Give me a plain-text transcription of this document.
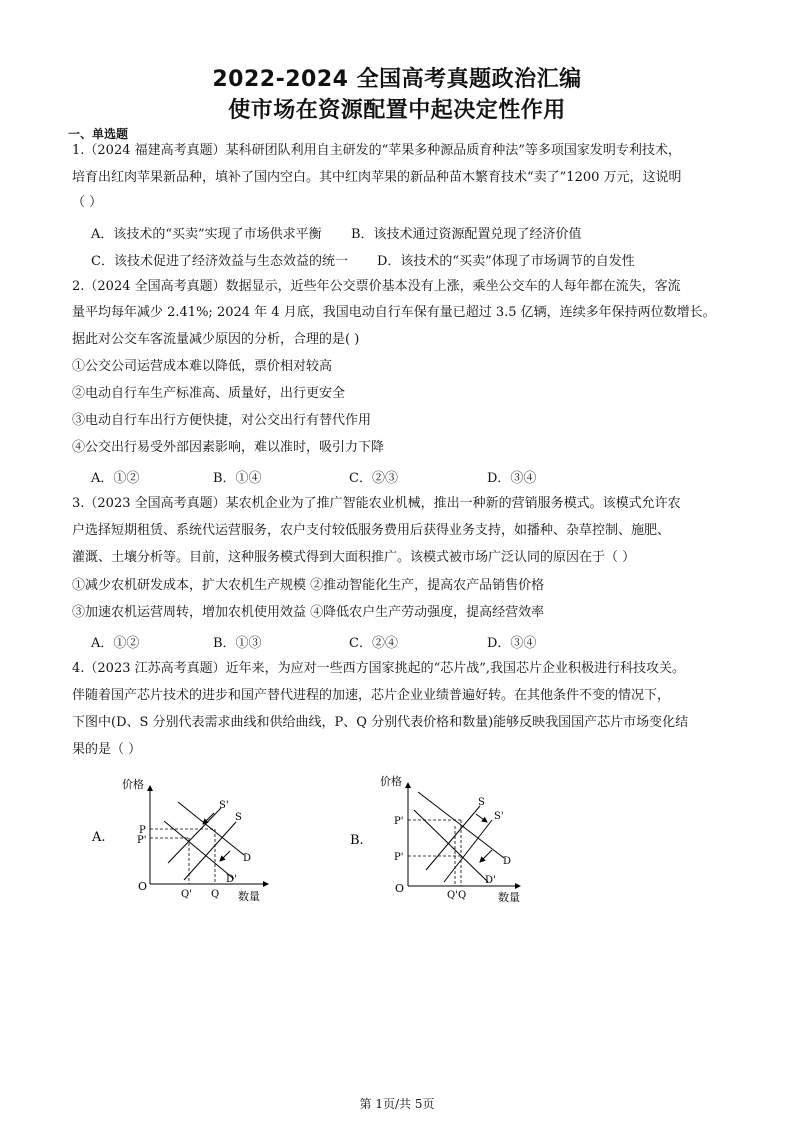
2022-2024 全国高考真题政治汇编
使市场在资源配置中起决定性作用
一、单选题
1.（2024 福建高考真题）某科研团队利用自主研发的“苹果多种源品质育种法”等多项国家发明专利技术，
培育出红肉苹果新品种，填补了国内空白。其中红肉苹果的新品种苗木繁育技术“卖了”1200 万元，这说明
（ ）
A．该技术的“买卖”实现了市场供求平衡 B．该技术通过资源配置兑现了经济价值
C．该技术促进了经济效益与生态效益的统一 D．该技术的“买卖”体现了市场调节的自发性
2.（2024 全国高考真题）数据显示，近些年公交票价基本没有上涨，乘坐公交车的人每年都在流失，客流
量平均每年减少 2.41%; 2024 年 4 月底，我国电动自行车保有量已超过 3.5 亿辆，连续多年保持两位数增长。
据此对公交车客流量减少原因的分析，合理的是( )
①公交公司运营成本难以降低，票价相对较高
②电动自行车生产标准高、质量好，出行更安全
③电动自行车出行方便快捷，对公交出行有替代作用
④公交出行易受外部因素影响，难以准时，吸引力下降
A．①②	B．①④	C．②③	D．③④
3.（2023 全国高考真题）某农机企业为了推广智能农业机械，推出一种新的营销服务模式。该模式允许农
户选择短期租赁、系统代运营服务，农户支付较低服务费用后获得业务支持，如播种、杂草控制、施肥、
灌溉、土壤分析等。目前，这种服务模式得到大面积推广。该模式被市场广泛认同的原因在于（ ）
①减少农机研发成本，扩大农机生产规模 ②推动智能化生产，提高农产品销售价格
③加速农机运营周转，增加农机使用效益 ④降低农户生产劳动强度，提高经营效率
A．①②	B．①③	C．②④	D．③④
4.（2023 江苏高考真题）近年来，为应对一些西方国家挑起的“芯片战”,我国芯片企业积极进行科技攻关。
伴随着国产芯片技术的进步和国产替代进程的加速，芯片企业业绩普遍好转。在其他条件不变的情况下，
下图中(D、S 分别代表需求曲线和供给曲线，P、Q 分别代表价格和数量)能够反映我国国产芯片市场变化结
果的是（ ）
A.
价格
O
数量
S'
S
D
D'
P
P'
Q' Q
B.
价格
O
数量
S
S'
D
D'
P'
P'
Q'Q
第 1页/共 5页
